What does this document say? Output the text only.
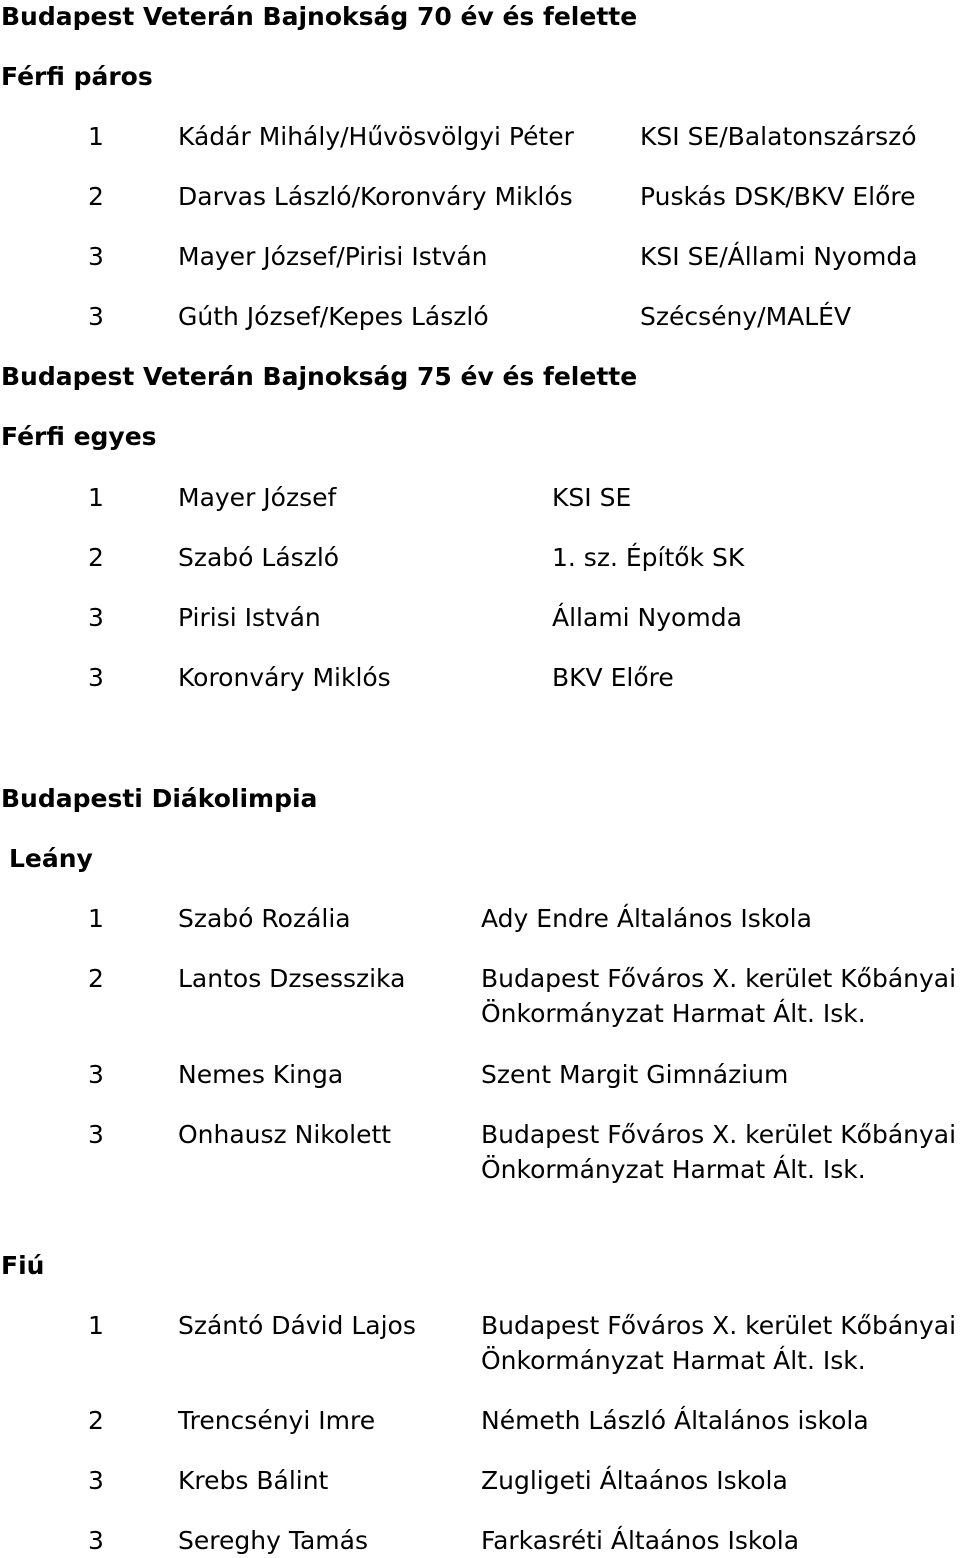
Budapest Veterán Bajnokság 70 év és felette
Férfi páros
1	Kádár Mihály/Hűvösvölgyi Péter	KSI SE/Balatonszárszó
2	Darvas László/Koronváry Miklós	Puskás DSK/BKV Előre
3	Mayer József/Pirisi István	KSI SE/Állami Nyomda
3	Gúth József/Kepes László	Szécsény/MALÉV
Budapest Veterán Bajnokság 75 év és felette
Férfi egyes
1	Mayer József	KSI SE
2	Szabó László	1. sz. Építők SK
3	Pirisi István	Állami Nyomda
3	Koronváry Miklós	BKV Előre
Budapesti Diákolimpia
Leány
1	Szabó Rozália	Ady Endre Általános Iskola
2	Lantos Dzsesszika	Budapest Főváros X. kerület Kőbányai
Önkormányzat Harmat Ált. Isk.
3	Nemes Kinga	Szent Margit Gimnázium
3	Onhausz Nikolett	Budapest Főváros X. kerület Kőbányai
Önkormányzat Harmat Ált. Isk.
Fiú
1	Szántó Dávid Lajos	Budapest Főváros X. kerület Kőbányai
Önkormányzat Harmat Ált. Isk.
2	Trencsényi Imre	Németh László Általános iskola
3	Krebs Bálint	Zugligeti Áltaános Iskola
3	Sereghy Tamás	Farkasréti Áltaános Iskola
